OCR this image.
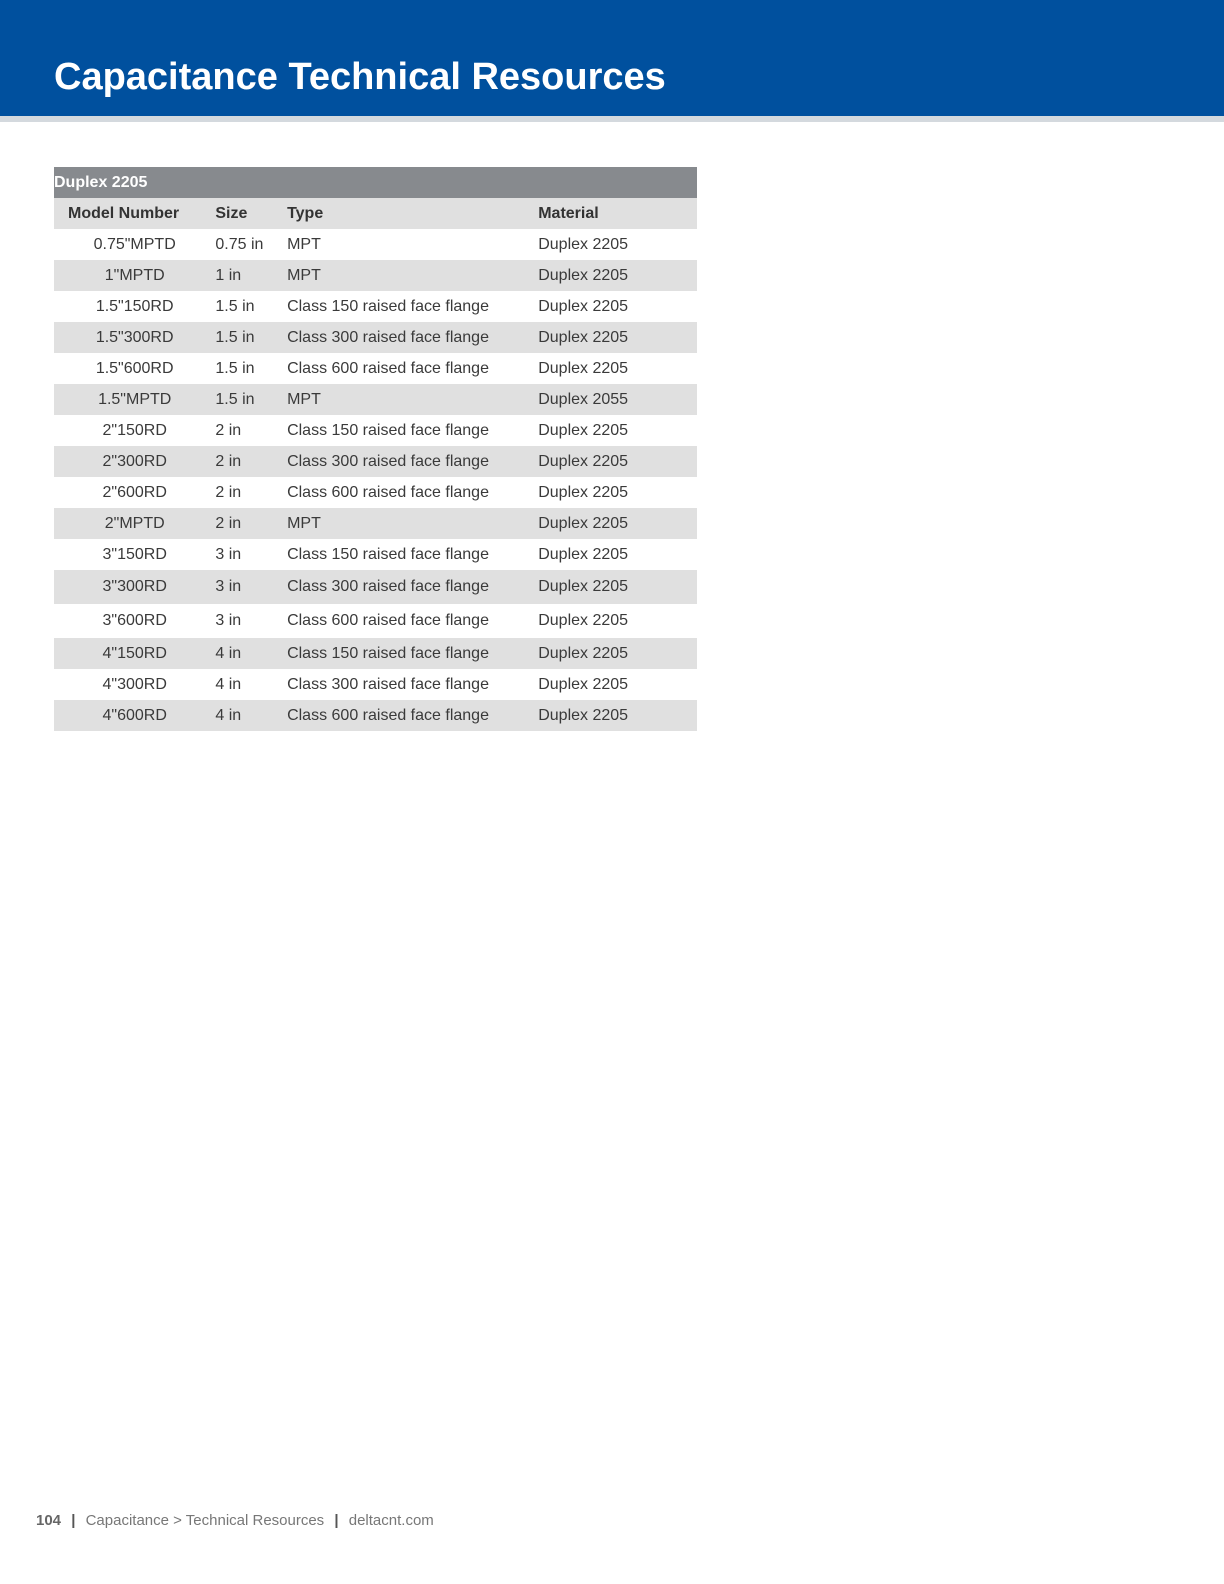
Capacitance Technical Resources
Duplex 2205			
Model Number	Size	Type	Material
0.75"MPTD	0.75 in	MPT	Duplex 2205
1"MPTD	1 in	MPT	Duplex 2205
1.5"150RD	1.5 in	Class 150 raised face flange	Duplex 2205
1.5"300RD	1.5 in	Class 300 raised face flange	Duplex 2205
1.5"600RD	1.5 in	Class 600 raised face flange	Duplex 2205
1.5"MPTD	1.5 in	MPT	Duplex 2055
2"150RD	2 in	Class 150 raised face flange	Duplex 2205
2"300RD	2 in	Class 300 raised face flange	Duplex 2205
2"600RD	2 in	Class 600 raised face flange	Duplex 2205
2"MPTD	2 in	MPT	Duplex 2205
3"150RD	3 in	Class 150 raised face flange	Duplex 2205
3"300RD	3 in	Class 300 raised face flange	Duplex 2205
3"600RD	3 in	Class 600 raised face flange	Duplex 2205
4"150RD	4 in	Class 150 raised face flange	Duplex 2205
4"300RD	4 in	Class 300 raised face flange	Duplex 2205
4"600RD	4 in	Class 600 raised face flange	Duplex 2205
104 | Capacitance > Technical Resources | deltacnt.com
